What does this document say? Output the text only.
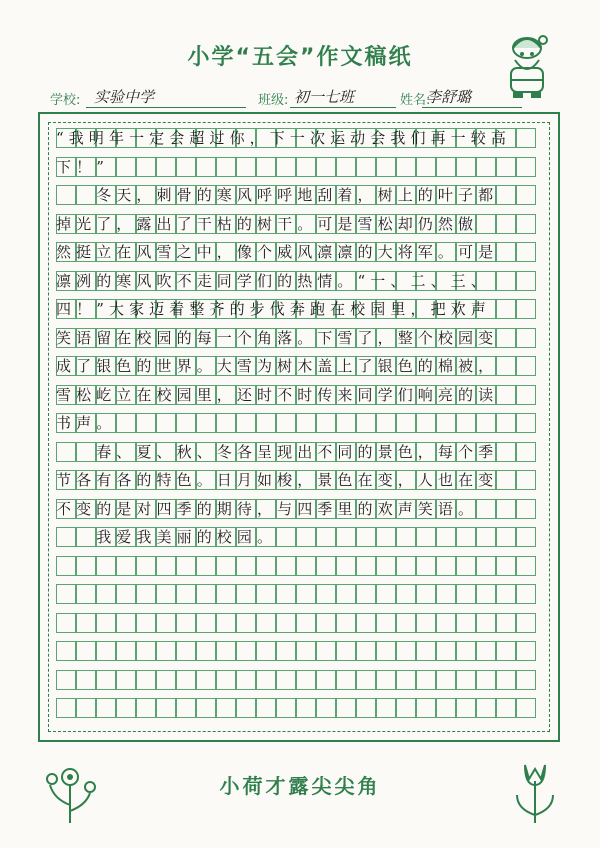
小学“五会”作文稿纸
学校: 实验中学	班级: 初一七班	姓名:
李舒璐
“我明年一定会超过你，下一次运动会我们再一较高
下！”
　　冬天，刺骨的寒风呼呼地刮着，树上的叶子都
掉光了，露出了干枯的树干。可是雪松却仍然傲
然挺立在风雪之中，像个威风凛凛的大将军。可是
凛冽的寒风吹不走同学们的热情。“一、二、三、
四！”大家迈着整齐的步伐奔跑在校园里，把欢声
笑语留在校园的每一个角落。下雪了，整个校园变
成了银色的世界。大雪为树木盖上了银色的棉被，
雪松屹立在校园里，还时不时传来同学们响亮的读
书声。
　　春、夏、秋、冬各呈现出不同的景色，每个季
节各有各的特色。日月如梭，景色在变，人也在变
不变的是对四季的期待，与四季里的欢声笑语。
　　我爱我美丽的校园。
小荷才露尖尖角
